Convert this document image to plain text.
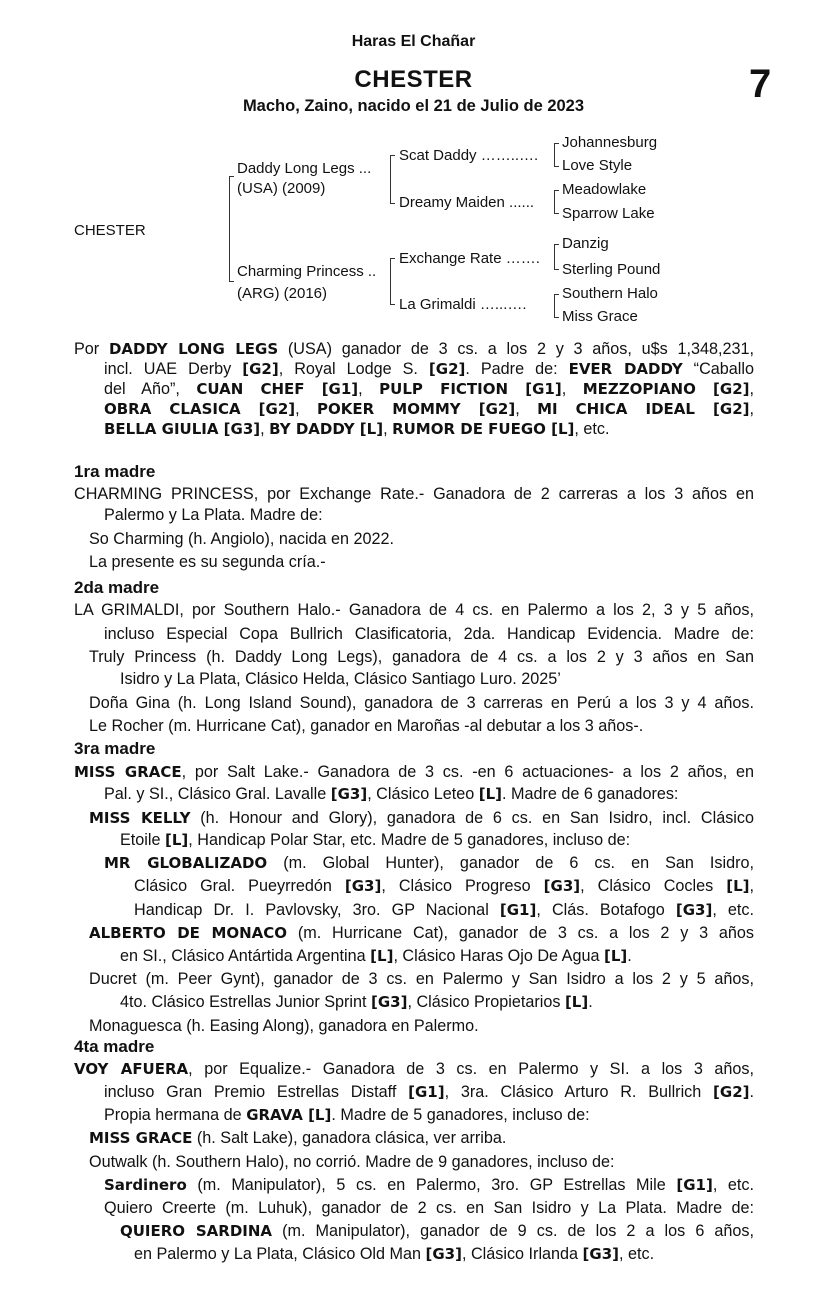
Haras El Chañar
CHESTER
Macho, Zaino, nacido el 21 de Julio de 2023	7
CHESTER
Daddy Long Legs ...
(USA) (2009)
Charming Princess ..
(ARG) (2016)
Scat Daddy ……..….
Dreamy Maiden ......
Exchange Rate …….
La Grimaldi …...….
Johannesburg
Love Style
Meadowlake
Sparrow Lake
Danzig
Sterling Pound
Southern Halo
Miss Grace
Por DADDY LONG LEGS (USA) ganador de 3 cs. a los 2 y 3 años, u$s 1,348,231,
incl. UAE Derby [G2], Royal Lodge S. [G2]. Padre de: EVER DADDY “Caballo
del Año”, CUAN CHEF [G1], PULP FICTION [G1], MEZZOPIANO [G2],
OBRA CLASICA [G2], POKER MOMMY [G2], MI CHICA IDEAL [G2],
BELLA GIULIA [G3], BY DADDY [L], RUMOR DE FUEGO [L], etc.
1ra madre
CHARMING PRINCESS, por Exchange Rate.- Ganadora de 2 carreras a los 3 años en
Palermo y La Plata. Madre de:
So Charming (h. Angiolo), nacida en 2022.
La presente es su segunda cría.-
2da madre
LA GRIMALDI, por Southern Halo.- Ganadora de 4 cs. en Palermo a los 2, 3 y 5 años,
incluso Especial Copa Bullrich Clasificatoria, 2da. Handicap Evidencia. Madre de:
Truly Princess (h. Daddy Long Legs), ganadora de 4 cs. a los 2 y 3 años en San
Isidro y La Plata, Clásico Helda, Clásico Santiago Luro. 2025’
Doña Gina (h. Long Island Sound), ganadora de 3 carreras en Perú a los 3 y 4 años.
Le Rocher (m. Hurricane Cat), ganador en Maroñas -al debutar a los 3 años-.
3ra madre
MISS GRACE, por Salt Lake.- Ganadora de 3 cs. -en 6 actuaciones- a los 2 años, en
Pal. y SI., Clásico Gral. Lavalle [G3], Clásico Leteo [L]. Madre de 6 ganadores:
MISS KELLY (h. Honour and Glory), ganadora de 6 cs. en San Isidro, incl. Clásico
Etoile [L], Handicap Polar Star, etc. Madre de 5 ganadores, incluso de:
MR GLOBALIZADO (m. Global Hunter), ganador de 6 cs. en San Isidro,
Clásico Gral. Pueyrredón [G3], Clásico Progreso [G3], Clásico Cocles [L],
Handicap Dr. I. Pavlovsky, 3ro. GP Nacional [G1], Clás. Botafogo [G3], etc.
ALBERTO DE MONACO (m. Hurricane Cat), ganador de 3 cs. a los 2 y 3 años
en SI., Clásico Antártida Argentina [L], Clásico Haras Ojo De Agua [L].
Ducret (m. Peer Gynt), ganador de 3 cs. en Palermo y San Isidro a los 2 y 5 años,
4to. Clásico Estrellas Junior Sprint [G3], Clásico Propietarios [L].
Monaguesca (h. Easing Along), ganadora en Palermo.
4ta madre
VOY AFUERA, por Equalize.- Ganadora de 3 cs. en Palermo y SI. a los 3 años,
incluso Gran Premio Estrellas Distaff [G1], 3ra. Clásico Arturo R. Bullrich [G2].
Propia hermana de GRAVA [L]. Madre de 5 ganadores, incluso de:
MISS GRACE (h. Salt Lake), ganadora clásica, ver arriba.
Outwalk (h. Southern Halo), no corrió. Madre de 9 ganadores, incluso de:
Sardinero (m. Manipulator), 5 cs. en Palermo, 3ro. GP Estrellas Mile [G1], etc.
Quiero Creerte (m. Luhuk), ganador de 2 cs. en San Isidro y La Plata. Madre de:
QUIERO SARDINA (m. Manipulator), ganador de 9 cs. de los 2 a los 6 años,
en Palermo y La Plata, Clásico Old Man [G3], Clásico Irlanda [G3], etc.
